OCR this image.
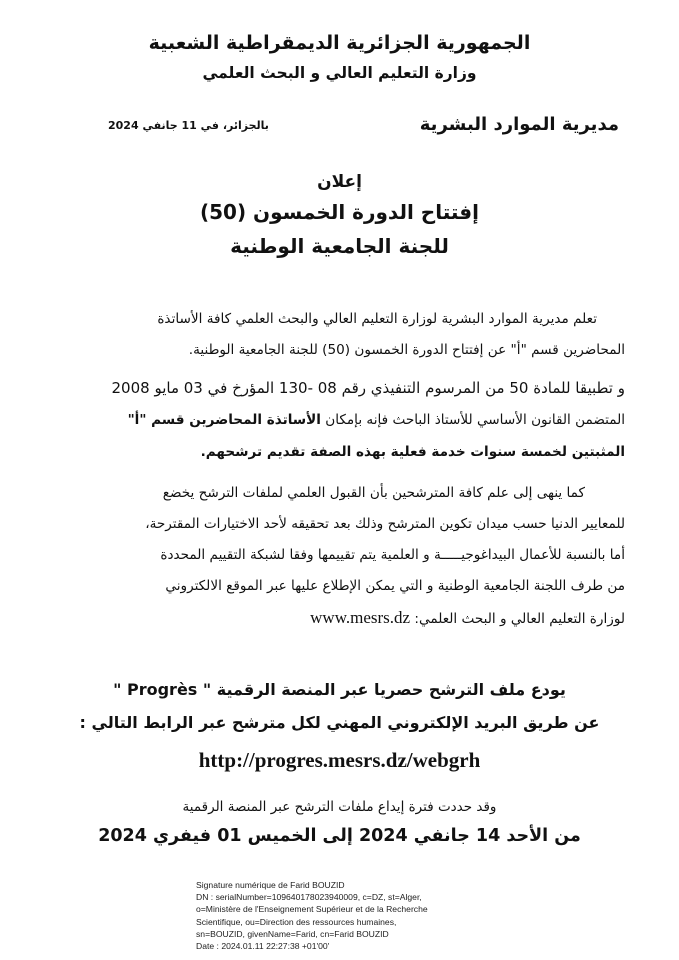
الجمهورية الجزائرية الديمقراطية الشعبية
وزارة التعليم العالي و البحث العلمي
مديرية الموارد البشرية
بالجزائر، في 11 جانفي 2024
إعلان
إفتتاح الدورة الخمسون (50)
للجنة الجامعية الوطنية

تعلم مديرية الموارد البشرية لوزارة التعليم العالي والبحث العلمي كافة الأساتذة

المحاضرين قسم "أ" عن إفتتاح الدورة الخمسون (50) للجنة الجامعية الوطنية.

و تطبيقا للمادة 50 من المرسوم التنفيذي رقم 08 -130 المؤرخ في 03 مايو 2008

المتضمن القانون الأساسي للأستاذ الباحث فإنه بإمكان الأساتذة المحاضرين قسم "أ"

المثبتين لخمسة سنوات خدمة فعلية بهذه الصفة تقديم ترشحهم.

كما ينهى إلى علم كافة المترشحين بأن القبول العلمي لملفات الترشح يخضع

للمعايير الدنيا حسب ميدان تكوين المترشح وذلك بعد تحقيقه لأحد الاختيارات المقترحة،

أما بالنسبة للأعمال البيداغوجيـــــة و العلمية يتم تقييمها وفقا لشبكة التقييم المحددة

من طرف اللجنة الجامعية الوطنية و التي يمكن الإطلاع عليها عبر الموقع الالكتروني

لوزارة التعليم العالي و البحث العلمي: www.mesrs.dz

يودع ملف الترشح حصريا عبر المنصة الرقمية " Progrès "
عن طريق البريد الإلكتروني المهني لكل مترشح عبر الرابط التالي :
http://progres.mesrs.dz/webgrh
وقد حددت فترة إيداع ملفات الترشح عبر المنصة الرقمية
من الأحد 14 جانفي 2024 إلى الخميس 01 فيفري 2024
Signature numérique de Farid BOUZID
DN : serialNumber=109640178023940009, c=DZ, st=Alger,
o=Ministère de l'Enseignement Supérieur et de la Recherche
Scientifique, ou=Direction des ressources humaines,
sn=BOUZID, givenName=Farid, cn=Farid BOUZID
Date : 2024.01.11 22:27:38 +01'00'
